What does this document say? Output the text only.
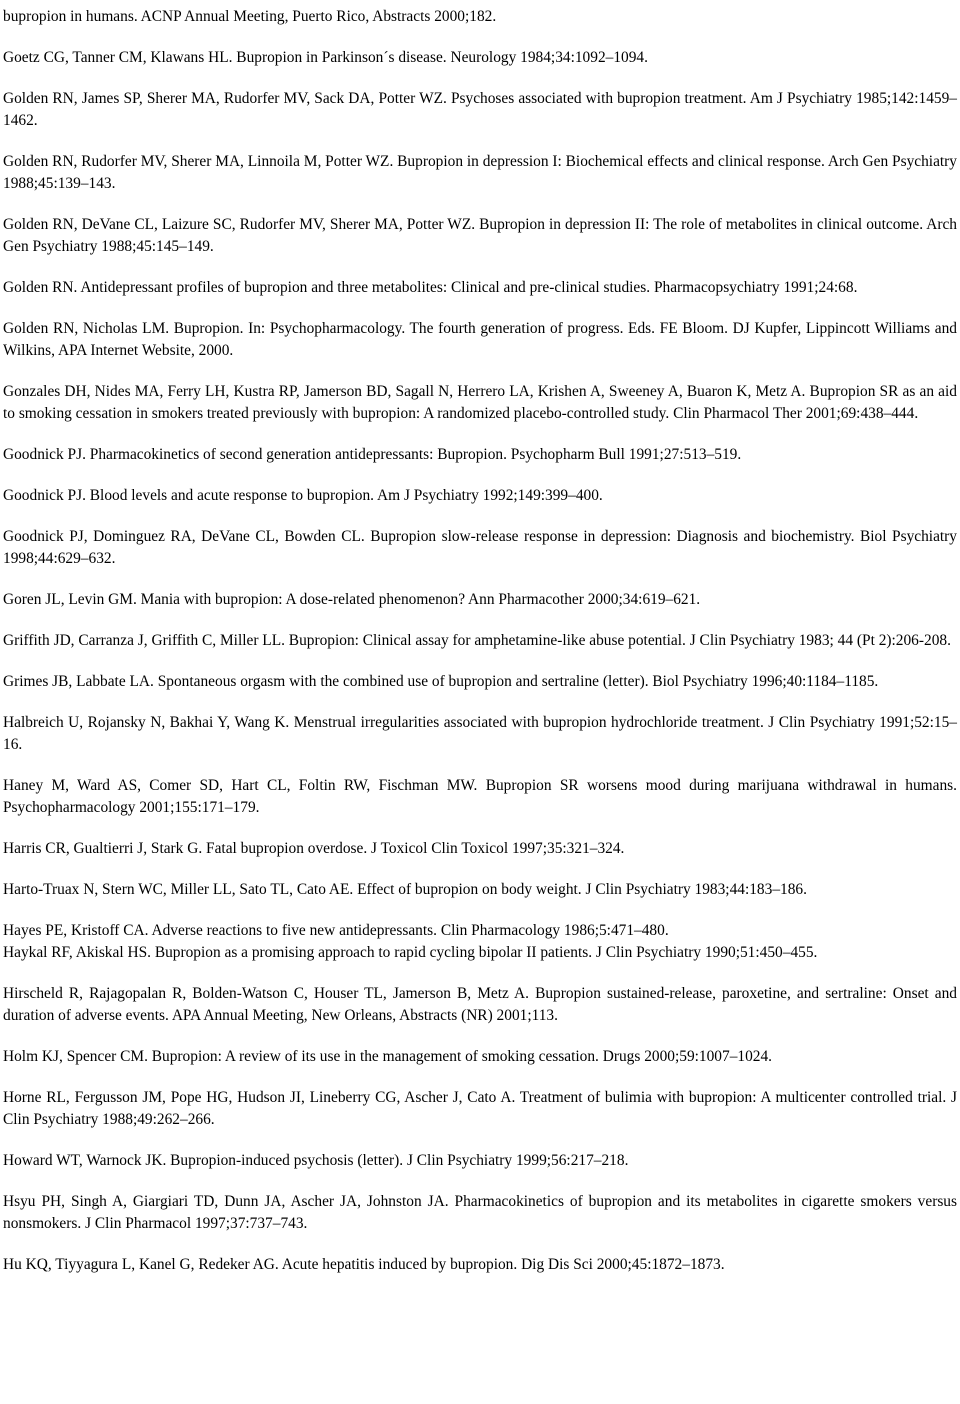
bupropion in humans. ACNP Annual Meeting, Puerto Rico, Abstracts 2000;182.

Goetz CG, Tanner CM, Klawans HL. Bupropion in Parkinson´s disease. Neurology 1984;34:1092–1094.

Golden RN, James SP, Sherer MA, Rudorfer MV, Sack DA, Potter WZ. Psychoses associated with bupropion treatment. Am J Psychiatry 1985;142:1459–1462.

Golden RN, Rudorfer MV, Sherer MA, Linnoila M, Potter WZ. Bupropion in depression I: Biochemical effects and clinical response. Arch Gen Psychiatry 1988;45:139–143.

Golden RN, DeVane CL, Laizure SC, Rudorfer MV, Sherer MA, Potter WZ. Bupropion in depression II: The role of metabolites in clinical outcome. Arch Gen Psychiatry 1988;45:145–149.

Golden RN. Antidepressant profiles of bupropion and three metabolites: Clinical and pre-clinical studies. Pharmacopsychiatry 1991;24:68.

Golden RN, Nicholas LM. Bupropion. In: Psychopharmacology. The fourth generation of progress. Eds. FE Bloom. DJ Kupfer, Lippincott Williams and Wilkins, APA Internet Website, 2000.

Gonzales DH, Nides MA, Ferry LH, Kustra RP, Jamerson BD, Sagall N, Herrero LA, Krishen A, Sweeney A, Buaron K, Metz A. Bupropion SR as an aid to smoking cessation in smokers treated previously with bupropion: A randomized placebo-controlled study. Clin Pharmacol Ther 2001;69:438–444.

Goodnick PJ. Pharmacokinetics of second generation antidepressants: Bupropion. Psychopharm Bull 1991;27:513–519.

Goodnick PJ. Blood levels and acute response to bupropion. Am J Psychiatry 1992;149:399–400.

Goodnick PJ, Dominguez RA, DeVane CL, Bowden CL. Bupropion slow-release response in depression: Diagnosis and biochemistry. Biol Psychiatry 1998;44:629–632.

Goren JL, Levin GM. Mania with bupropion: A dose-related phenomenon? Ann Pharmacother 2000;34:619–621.

Griffith JD, Carranza J, Griffith C, Miller LL. Bupropion: Clinical assay for amphetamine-like abuse potential. J Clin Psychiatry 1983; 44 (Pt 2):206-208.

Grimes JB, Labbate LA. Spontaneous orgasm with the combined use of bupropion and sertraline (letter). Biol Psychiatry 1996;40:1184–1185.

Halbreich U, Rojansky N, Bakhai Y, Wang K. Menstrual irregularities associated with bupropion hydrochloride treatment. J Clin Psychiatry 1991;52:15–16.

Haney M, Ward AS, Comer SD, Hart CL, Foltin RW, Fischman MW. Bupropion SR worsens mood during marijuana withdrawal in humans. Psychopharmacology 2001;155:171–179.

Harris CR, Gualtierri J, Stark G. Fatal bupropion overdose. J Toxicol Clin Toxicol 1997;35:321–324.

Harto-Truax N, Stern WC, Miller LL, Sato TL, Cato AE. Effect of bupropion on body weight. J Clin Psychiatry 1983;44:183–186.

Hayes PE, Kristoff CA. Adverse reactions to five new antidepressants. Clin Pharmacology 1986;5:471–480.

Haykal RF, Akiskal HS. Bupropion as a promising approach to rapid cycling bipolar II patients. J Clin Psychiatry 1990;51:450–455.

Hirscheld R, Rajagopalan R, Bolden-Watson C, Houser TL, Jamerson B, Metz A. Bupropion sustained-release, paroxetine, and sertraline: Onset and duration of adverse events. APA Annual Meeting, New Orleans, Abstracts (NR) 2001;113.

Holm KJ, Spencer CM. Bupropion: A review of its use in the management of smoking cessation. Drugs 2000;59:1007–1024.

Horne RL, Fergusson JM, Pope HG, Hudson JI, Lineberry CG, Ascher J, Cato A. Treatment of bulimia with bupropion: A multicenter controlled trial. J Clin Psychiatry 1988;49:262–266.

Howard WT, Warnock JK. Bupropion-induced psychosis (letter). J Clin Psychiatry 1999;56:217–218.

Hsyu PH, Singh A, Giargiari TD, Dunn JA, Ascher JA, Johnston JA. Pharmacokinetics of bupropion and its metabolites in cigarette smokers versus nonsmokers. J Clin Pharmacol 1997;37:737–743.

Hu KQ, Tiyyagura L, Kanel G, Redeker AG. Acute hepatitis induced by bupropion. Dig Dis Sci 2000;45:1872–1873.
